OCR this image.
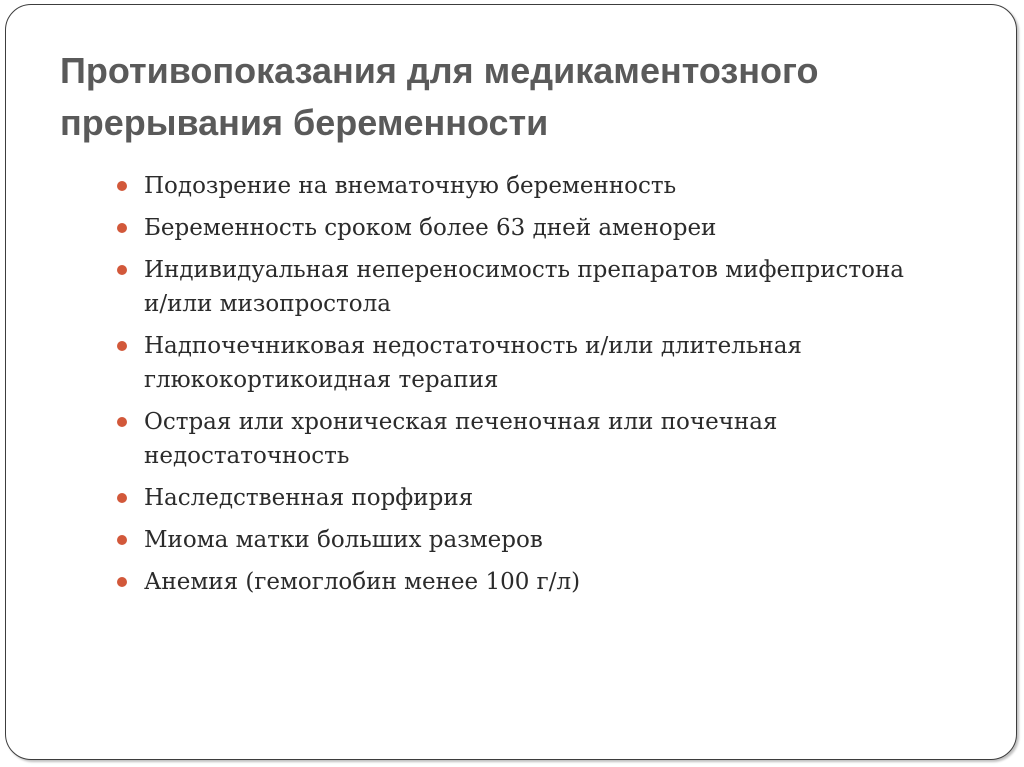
Противопоказания для медикаментозного
прерывания беременности
Подозрение на внематочную беременность
Беременность сроком более 63 дней аменореи
Индивидуальная непереносимость препаратов мифепристона
и/или мизопростола
Надпочечниковая недостаточность и/или длительная
глюкокортикоидная терапия
Острая или хроническая печеночная или почечная
недостаточность
Наследственная порфирия
Миома матки больших размеров
Анемия (гемоглобин менее 100 г/л)
